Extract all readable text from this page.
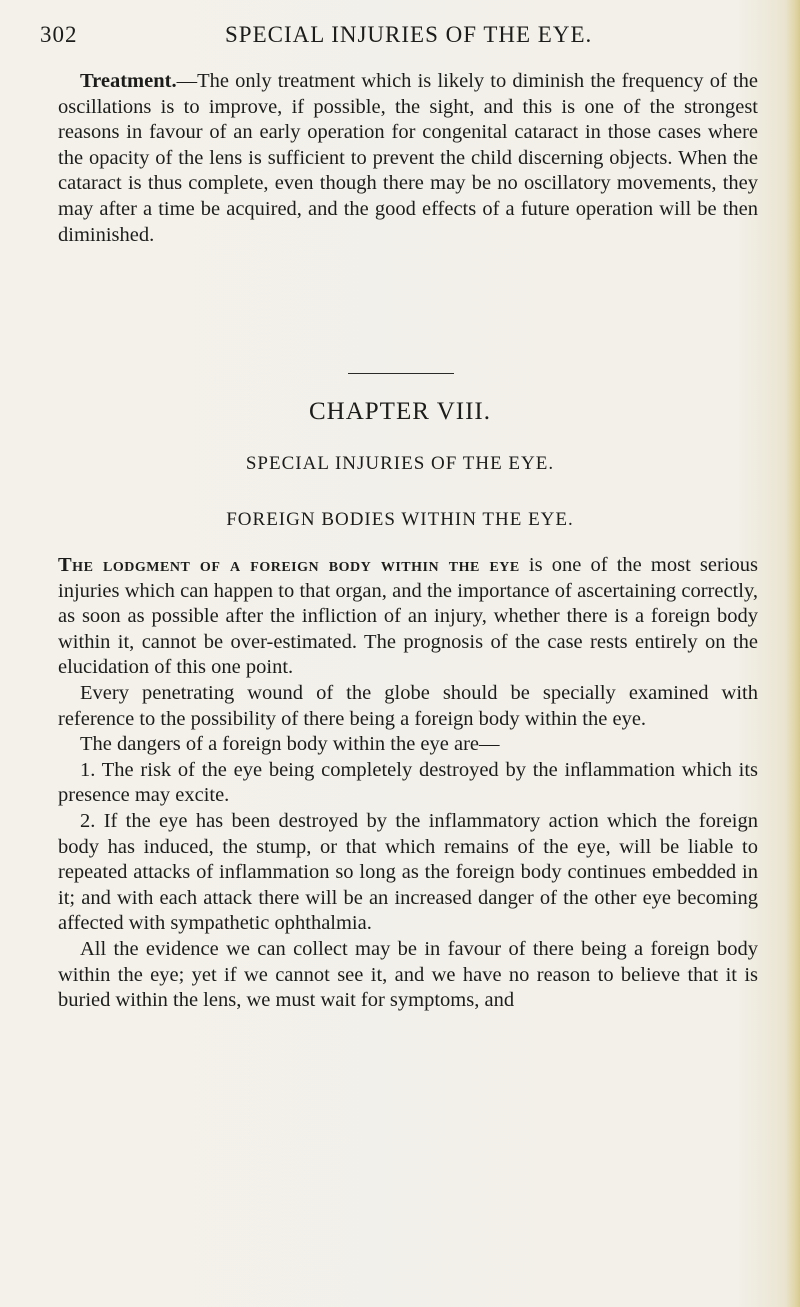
302	SPECIAL INJURIES OF THE EYE.

Treatment.—The only treatment which is likely to diminish the frequency of the oscillations is to improve, if possible, the sight, and this is one of the strongest reasons in favour of an early operation for congenital cataract in those cases where the opacity of the lens is sufficient to prevent the child discerning objects. When the cataract is thus complete, even though there may be no oscillatory movements, they may after a time be acquired, and the good effects of a future operation will be then diminished.

CHAPTER VIII.
SPECIAL INJURIES OF THE EYE.
FOREIGN BODIES WITHIN THE EYE.

The lodgment of a foreign body within the eye is one of the most serious injuries which can happen to that organ, and the importance of ascertaining correctly, as soon as possible after the infliction of an injury, whether there is a foreign body within it, cannot be over-estimated. The prognosis of the case rests entirely on the elucidation of this one point.

Every penetrating wound of the globe should be specially examined with reference to the possibility of there being a foreign body within the eye.

The dangers of a foreign body within the eye are—

1. The risk of the eye being completely destroyed by the inflammation which its presence may excite.

2. If the eye has been destroyed by the inflammatory action which the foreign body has induced, the stump, or that which remains of the eye, will be liable to repeated attacks of inflammation so long as the foreign body continues embedded in it; and with each attack there will be an increased danger of the other eye becoming affected with sympathetic ophthalmia.

All the evidence we can collect may be in favour of there being a foreign body within the eye; yet if we cannot see it, and we have no reason to believe that it is buried within the lens, we must wait for symptoms, and
